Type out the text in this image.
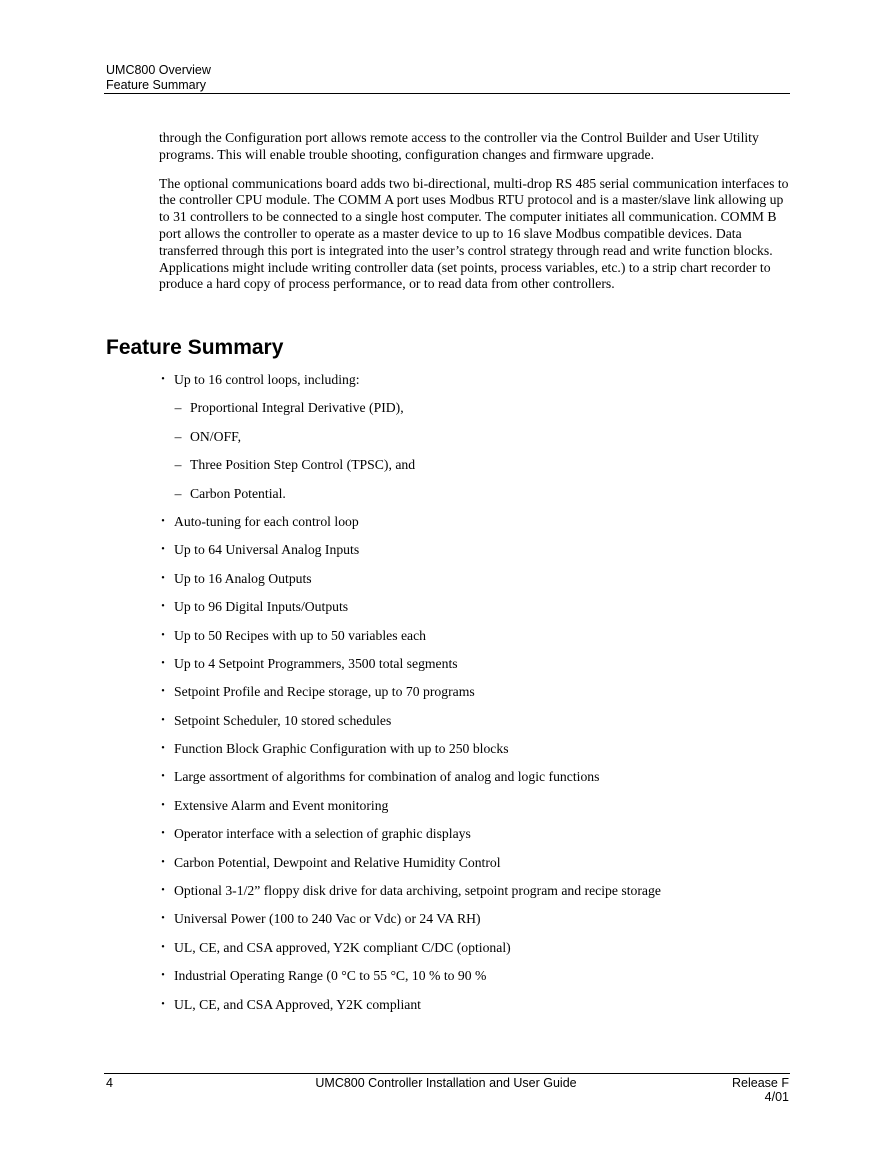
UMC800 Overview
Feature Summary

through the Configuration port allows remote access to the controller via the Control Builder and User Utility programs. This will enable trouble shooting, configuration changes and firmware upgrade.

The optional communications board adds two bi-directional, multi-drop RS 485 serial communication interfaces to the controller CPU module. The COMM A port uses Modbus RTU protocol and is a master/slave link allowing up to 31 controllers to be connected to a single host computer. The computer initiates all communication. COMM B port allows the controller to operate as a master device to up to 16 slave Modbus compatible devices. Data transferred through this port is integrated into the user’s control strategy through read and write function blocks. Applications might include writing controller data (set points, process variables, etc.) to a strip chart recorder to produce a hard copy of process performance, or to read data from other controllers.

Feature Summary
• Up to 16 control loops, including:
– Proportional Integral Derivative (PID),
– ON/OFF,
– Three Position Step Control (TPSC), and
– Carbon Potential.
• Auto-tuning for each control loop
• Up to 64 Universal Analog Inputs
• Up to 16 Analog Outputs
• Up to 96 Digital Inputs/Outputs
• Up to 50 Recipes with up to 50 variables each
• Up to 4 Setpoint Programmers, 3500 total segments
• Setpoint Profile and Recipe storage, up to 70 programs
• Setpoint Scheduler, 10 stored schedules
• Function Block Graphic Configuration with up to 250 blocks
• Large assortment of algorithms for combination of analog and logic functions
• Extensive Alarm and Event monitoring
• Operator interface with a selection of graphic displays
• Carbon Potential, Dewpoint and Relative Humidity Control
• Optional 3-1/2” floppy disk drive for data archiving, setpoint program and recipe storage
• Universal Power (100 to 240 Vac or Vdc) or 24 VA RH)
• UL, CE, and CSA approved, Y2K compliant C/DC (optional)
• Industrial Operating Range (0 °C to 55 °C, 10 % to 90 %
• UL, CE, and CSA Approved, Y2K compliant
4	UMC800 Controller Installation and User Guide	Release F
4/01
